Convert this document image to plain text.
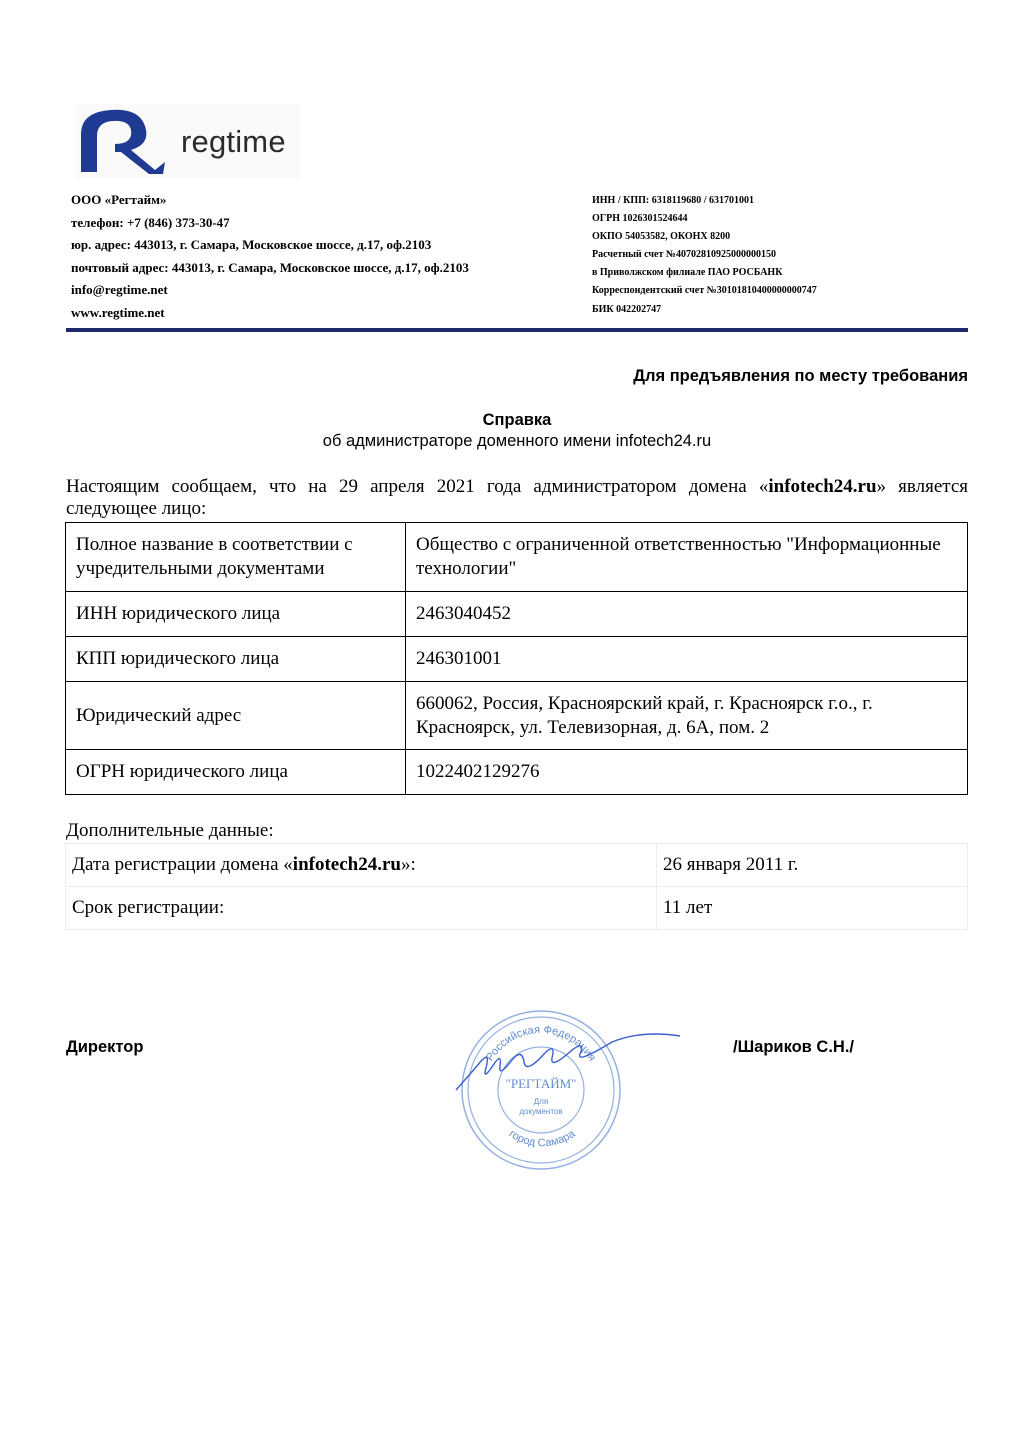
regtime
ООО «Регтайм»
телефон: +7 (846) 373-30-47
юр. адрес: 443013, г. Самара, Московское шоссе, д.17, оф.2103
почтовый адрес: 443013, г. Самара, Московское шоссе, д.17, оф.2103
info@regtime.net
www.regtime.net
ИНН / КПП: 6318119680 / 631701001
ОГРН 1026301524644
ОКПО 54053582, ОКОНХ 8200
Расчетный счет №40702810925000000150
в Приволжском филиале ПАО РОСБАНК
Корреспондентский счет №30101810400000000747
БИК 042202747
Для предъявления по месту требования
Справка
об администраторе доменного имени infotech24.ru
Настоящим сообщаем, что на 29 апреля 2021 года администратором домена «infotech24.ru» является следующее лицо:
Полное название в соответствии с учредительными документами	Общество с ограниченной ответственностью "Информационные технологии"
ИНН юридического лица	2463040452
КПП юридического лица	246301001
Юридический адрес	660062, Россия, Красноярский край, г. Красноярск г.о., г. Красноярск, ул. Телевизорная, д. 6А, пом. 2
ОГРН юридического лица	1022402129276
Дополнительные данные:
Дата регистрации домена «infotech24.ru»:	26 января 2011 г.
Срок регистрации:	11 лет
Директор	/Шариков С.Н./
Российская Федерация
город Самара
"РЕГТАЙМ"
Для
документов
